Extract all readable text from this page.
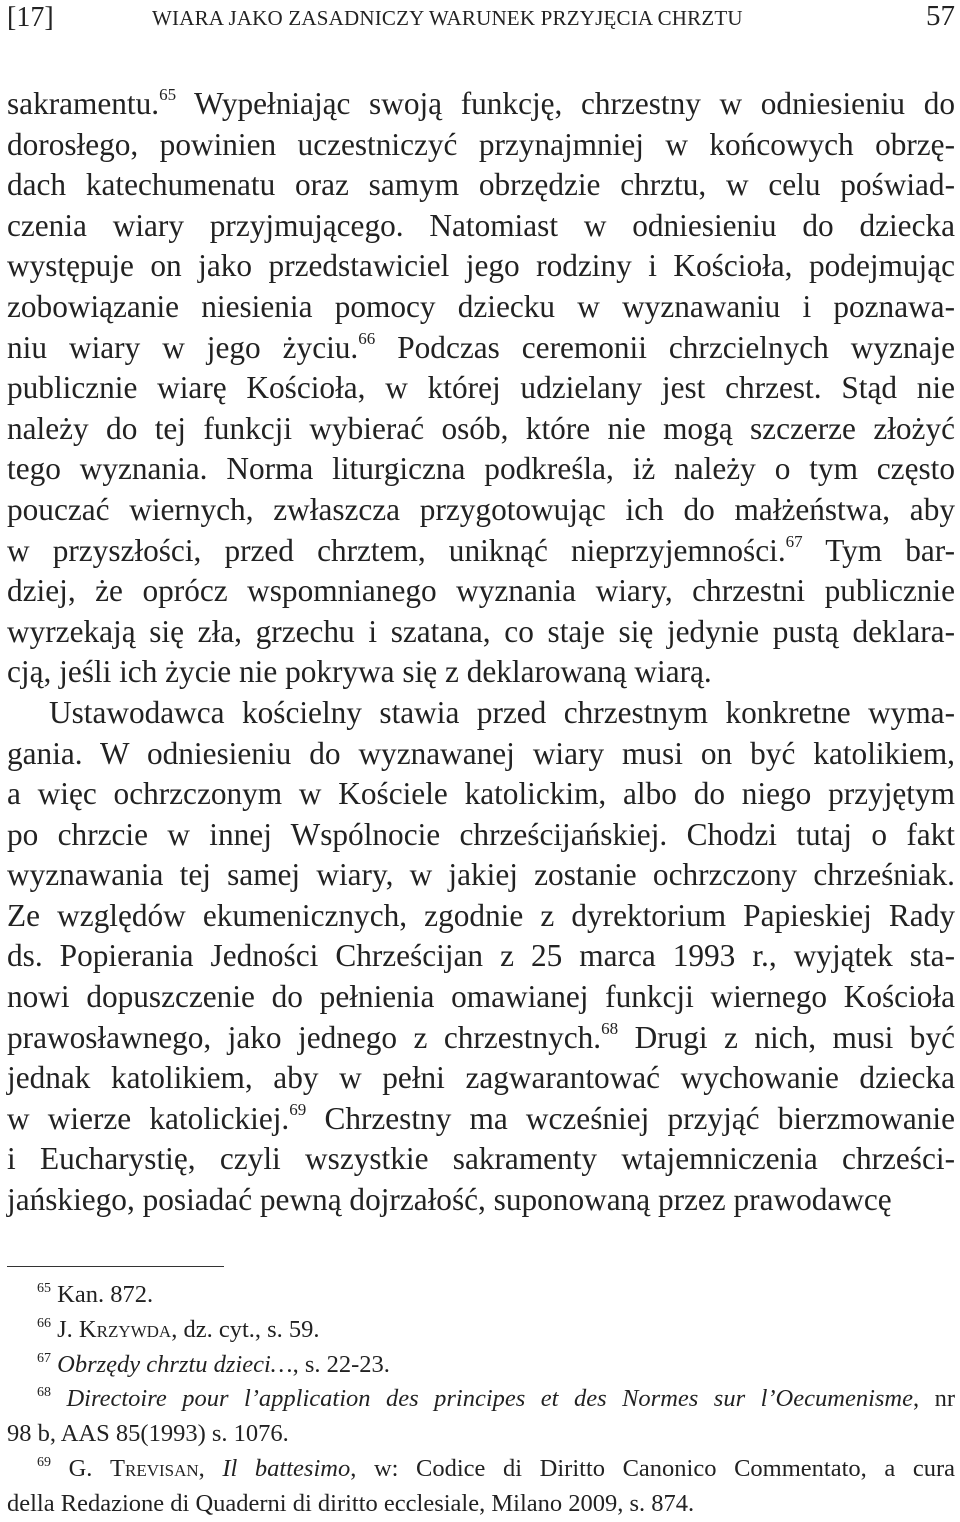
[17]	WIARA JAKO ZASADNICZY WARUNEK PRZYJĘCIA CHRZTU	57
sakramentu.$^{65}$ Wypełniając swoją funkcję, chrzestny w odniesieniu do
dorosłego, powinien uczestniczyć przynajmniej w końcowych obrzę-
dach katechumenatu oraz samym obrzędzie chrztu, w celu poświad-
czenia wiary przyjmującego. Natomiast w odniesieniu do dziecka
występuje on jako przedstawiciel jego rodziny i Kościoła, podejmując
zobowiązanie niesienia pomocy dziecku w wyznawaniu i poznawa-
niu wiary w jego życiu.$^{66}$ Podczas ceremonii chrzcielnych wyznaje
publicznie wiarę Kościoła, w której udzielany jest chrzest. Stąd nie
należy do tej funkcji wybierać osób, które nie mogą szczerze złożyć
tego wyznania. Norma liturgiczna podkreśla, iż należy o tym często
pouczać wiernych, zwłaszcza przygotowując ich do małżeństwa, aby
w przyszłości, przed chrztem, uniknąć nieprzyjemności.$^{67}$ Tym bar-
dziej, że oprócz wspomnianego wyznania wiary, chrzestni publicznie
wyrzekają się zła, grzechu i szatana, co staje się jedynie pustą deklara-
cją, jeśli ich życie nie pokrywa się z deklarowaną wiarą.
Ustawodawca kościelny stawia przed chrzestnym konkretne wyma-
gania. W odniesieniu do wyznawanej wiary musi on być katolikiem,
a więc ochrzczonym w Kościele katolickim, albo do niego przyjętym
po chrzcie w innej Wspólnocie chrześcijańskiej. Chodzi tutaj o fakt
wyznawania tej samej wiary, w jakiej zostanie ochrzczony chrześniak.
Ze względów ekumenicznych, zgodnie z dyrektorium Papieskiej Rady
ds. Popierania Jedności Chrześcijan z 25 marca 1993 r., wyjątek sta-
nowi dopuszczenie do pełnienia omawianej funkcji wiernego Kościoła
prawosławnego, jako jednego z chrzestnych.$^{68}$ Drugi z nich, musi być
jednak katolikiem, aby w pełni zagwarantować wychowanie dziecka
w wierze katolickiej.$^{69}$ Chrzestny ma wcześniej przyjąć bierzmowanie
i Eucharystię, czyli wszystkie sakramenty wtajemniczenia chrześci-
jańskiego, posiadać pewną dojrzałość, suponowaną przez prawodawcę
$^{65}$ Kan. 872.
$^{66}$ J. Krzywda, dz. cyt., s. 59.
$^{67}$ Obrzędy chrztu dzieci…, s. 22-23.
$^{68}$ Directoire pour l’application des principes et des Normes sur l’Oecumenisme, nr
98 b, AAS 85(1993) s. 1076.
$^{69}$ G. Trevisan, Il battesimo, w: Codice di Diritto Canonico Commentato, a cura
della Redazione di Quaderni di diritto ecclesiale, Milano 2009, s. 874.
